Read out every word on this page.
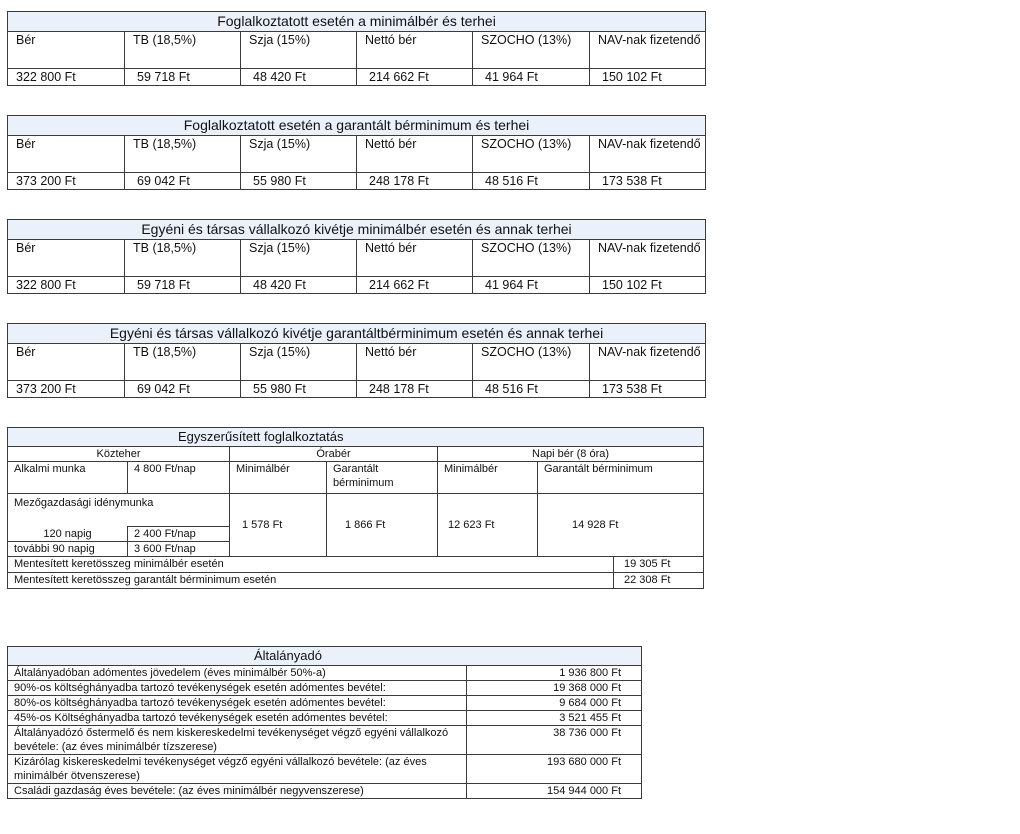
Foglalkoztatott esetén a minimálbér és terhei					
Bér	TB (18,5%)	Szja (15%)	Nettó bér	SZOCHO (13%)	NAV-nak fizetendő
322 800 Ft	59 718 Ft	48 420 Ft	214 662 Ft	41 964 Ft	150 102 Ft
Foglalkoztatott esetén a garantált bérminimum és terhei					
Bér	TB (18,5%)	Szja (15%)	Nettó bér	SZOCHO (13%)	NAV-nak fizetendő
373 200 Ft	69 042 Ft	55 980 Ft	248 178 Ft	48 516 Ft	173 538 Ft
Egyéni és társas vállalkozó kivétje minimálbér esetén és annak terhei					
Bér	TB (18,5%)	Szja (15%)	Nettó bér	SZOCHO (13%)	NAV-nak fizetendő
322 800 Ft	59 718 Ft	48 420 Ft	214 662 Ft	41 964 Ft	150 102 Ft
Egyéni és társas vállalkozó kivétje garantáltbérminimum esetén és annak terhei					
Bér	TB (18,5%)	Szja (15%)	Nettó bér	SZOCHO (13%)	NAV-nak fizetendő
373 200 Ft	69 042 Ft	55 980 Ft	248 178 Ft	48 516 Ft	173 538 Ft
Egyszerűsített foglalkoztatás						
Közteher		Órabér		Napi bér (8 óra)		
Alkalmi munka	4 800 Ft/nap	Minimálbér	Garantált bérminimum	Minimálbér	Garantált bérminimum	
Mezőgazdasági idénymunka		1 578 Ft	1 866 Ft	12 623 Ft	14 928 Ft	
120 napig	2 400 Ft/nap					
további 90 napig	3 600 Ft/nap					
Mentesített keretösszeg minimálbér esetén						19 305 Ft
Mentesített keretösszeg garantált bérminimum esetén						22 308 Ft
Általányadó	
Általányadóban adómentes jövedelem (éves minimálbér 50%-a)	1 936 800 Ft
90%-os költséghányadba tartozó tevékenységek esetén adómentes bevétel:	19 368 000 Ft
80%-os költséghányadba tartozó tevékenységek esetén adómentes bevétel:	9 684 000 Ft
45%-os Költséghányadba tartozó tevékenységek esetén adómentes bevétel:	3 521 455 Ft
Általányadózó őstermelő és nem kiskereskedelmi tevékenységet végző egyéni vállalkozó bevétele: (az éves minimálbér tízszerese)	38 736 000 Ft
Kizárólag kiskereskedelmi tevékenységet végző egyéni vállalkozó bevétele: (az éves minimálbér ötvenszerese)	193 680 000 Ft
Családi gazdaság éves bevétele: (az éves minimálbér negyvenszerese)	154 944 000 Ft
